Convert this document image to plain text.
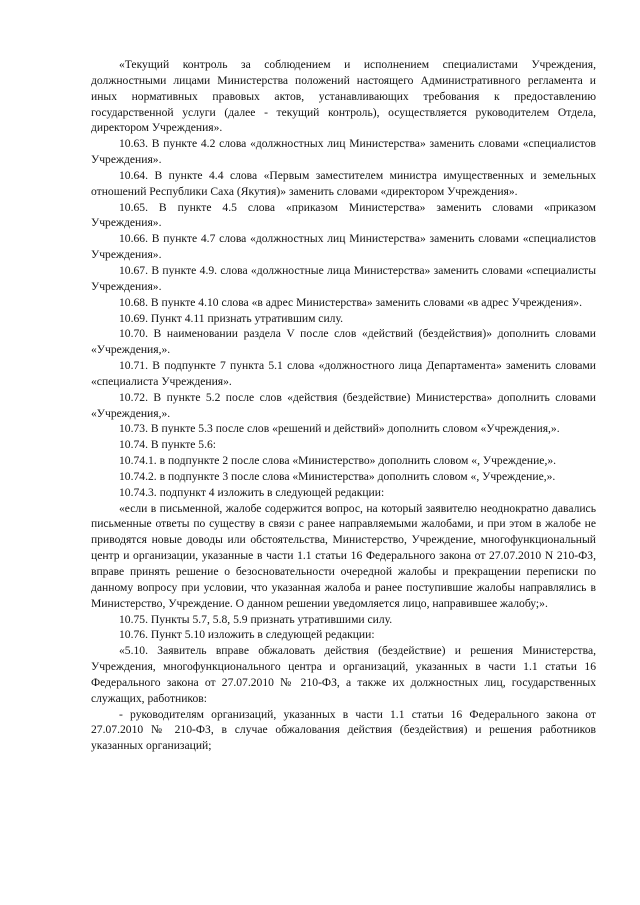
«Текущий контроль за соблюдением и исполнением специалистами Учреждения, должностными лицами Министерства положений настоящего Административного регламента и иных нормативных правовых актов, устанавливающих требования к предоставлению государственной услуги (далее - текущий контроль), осуществляется руководителем Отдела, директором Учреждения».

10.63. В пункте 4.2 слова «должностных лиц Министерства» заменить словами «специалистов Учреждения».

10.64. В пункте 4.4 слова «Первым заместителем министра имущественных и земельных отношений Республики Саха (Якутия)» заменить словами «директором Учреждения».

10.65. В пункте 4.5 слова «приказом Министерства» заменить словами «приказом Учреждения».

10.66. В пункте 4.7 слова «должностных лиц Министерства» заменить словами «специалистов Учреждения».

10.67. В пункте 4.9. слова «должностные лица Министерства» заменить словами «специалисты Учреждения».

10.68. В пункте 4.10 слова «в адрес Министерства» заменить словами «в адрес Учреждения».

10.69. Пункт 4.11 признать утратившим силу.

10.70. В наименовании раздела V после слов «действий (бездействия)» дополнить словами «Учреждения,».

10.71. В подпункте 7 пункта 5.1 слова «должностного лица Департамента» заменить словами «специалиста Учреждения».

10.72. В пункте 5.2 после слов «действия (бездействие) Министерства» дополнить словами «Учреждения,».

10.73. В пункте 5.3 после слов «решений и действий» дополнить словом «Учреждения,».

10.74. В пункте 5.6:

10.74.1. в подпункте 2 после слова «Министерство» дополнить словом «, Учреждение,».

10.74.2. в подпункте 3 после слова «Министерства» дополнить словом «, Учреждение,».

10.74.3. подпункт 4 изложить в следующей редакции:

«если в письменной, жалобе содержится вопрос, на который заявителю неоднократно давались письменные ответы по существу в связи с ранее направляемыми жалобами, и при этом в жалобе не приводятся новые доводы или обстоятельства, Министерство, Учреждение, многофункциональный центр и организации, указанные в части 1.1 статьи 16 Федерального закона от 27.07.2010 N 210-ФЗ, вправе принять решение о безосновательности очередной жалобы и прекращении переписки по данному вопросу при условии, что указанная жалоба и ранее поступившие жалобы направлялись в Министерство, Учреждение. О данном решении уведомляется лицо, направившее жалобу;».

10.75. Пункты 5.7, 5.8, 5.9 признать утратившими силу.

10.76. Пункт 5.10 изложить в следующей редакции:

«5.10. Заявитель вправе обжаловать действия (бездействие) и решения Министерства, Учреждения, многофункционального центра и организаций, указанных в части 1.1 статьи 16 Федерального закона от 27.07.2010 № 210-ФЗ, а также их должностных лиц, государственных служащих, работников:

- руководителям организаций, указанных в части 1.1 статьи 16 Федерального закона от 27.07.2010 № 210-ФЗ, в случае обжалования действия (бездействия) и решения работников указанных организаций;
